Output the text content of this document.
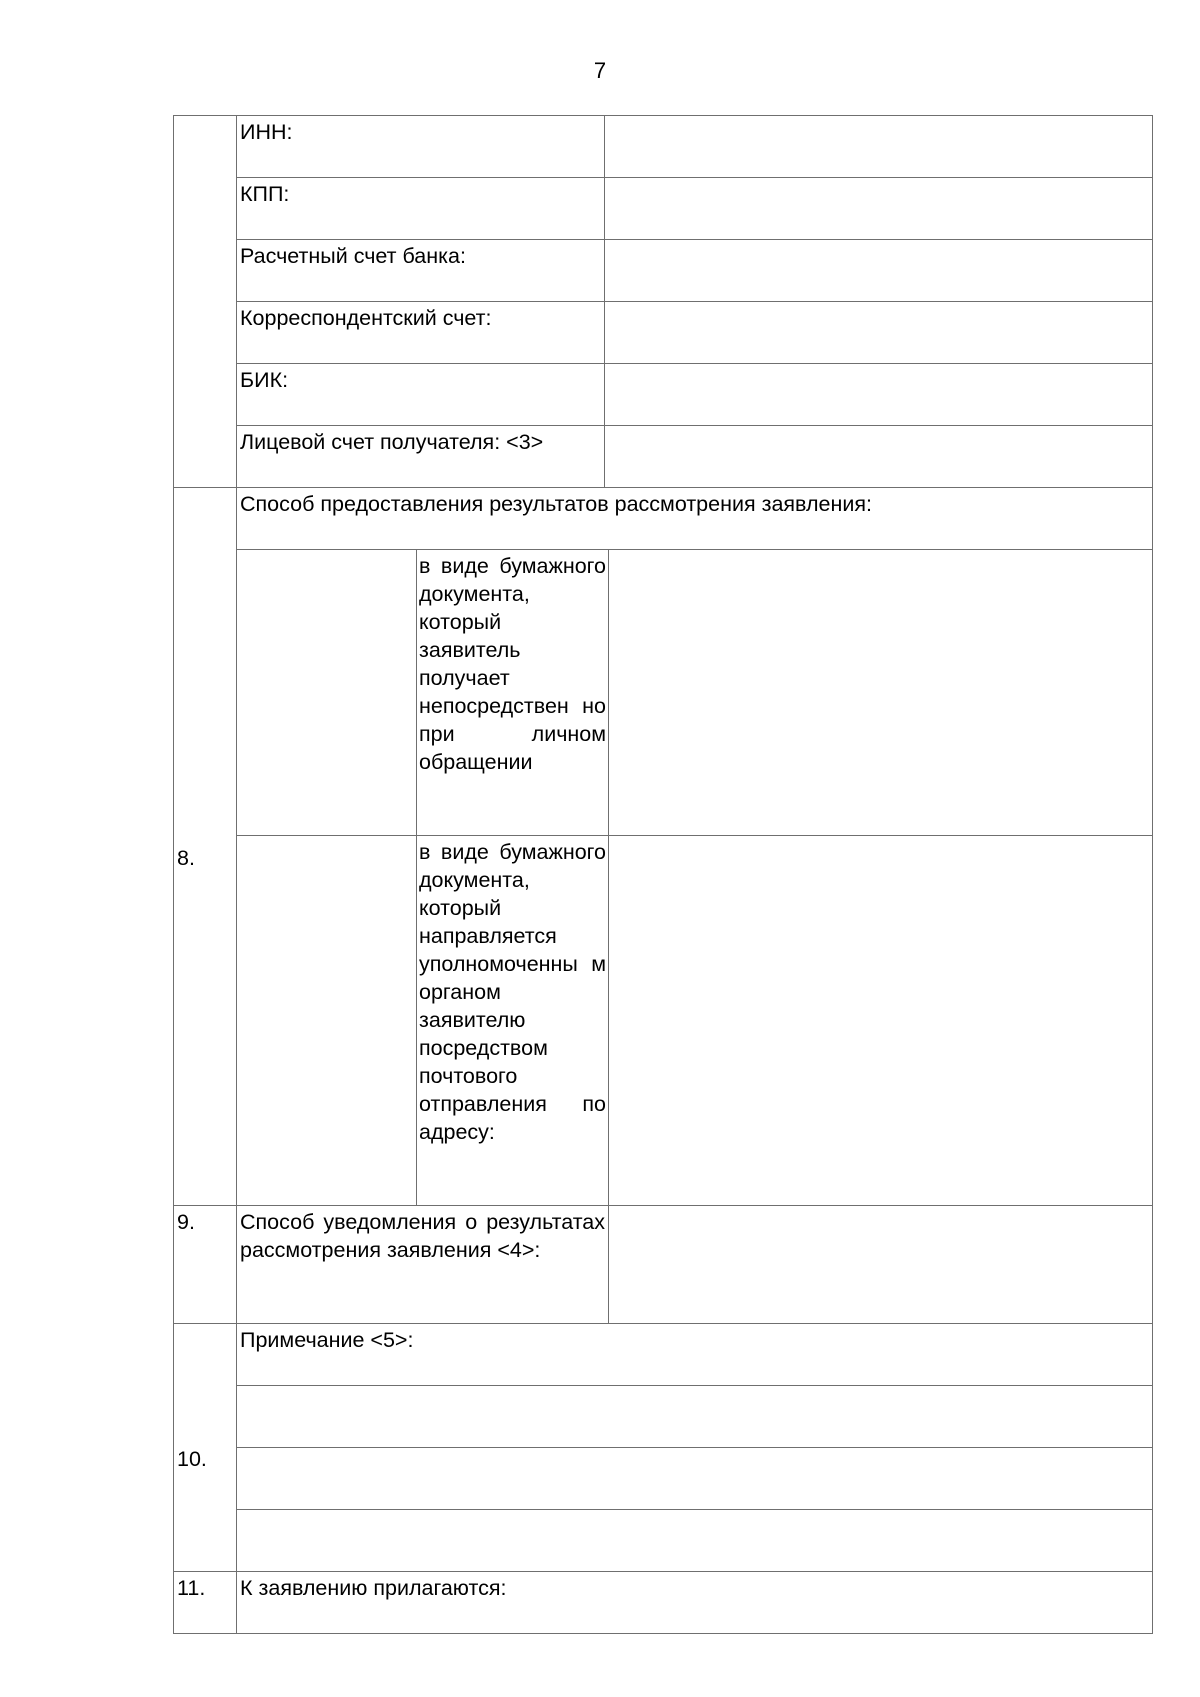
7
	ИНН:			
	КПП:			
	Расчетный счет банка:			
	Корреспондентский счет:			
	БИК:			
	Лицевой счет получателя: <3>			
8.	Способ предоставления результатов рассмотрения заявления:			
		в виде бумажного документа, который заявитель получает непосредствен но при личном обращении		
		в виде бумажного документа, который направляется уполномоченны м органом заявителю посредством почтового отправления по адресу:		
9.	Способ уведомления о результатах рассмотрения заявления <4>:			
10.	Примечание <5>:			

11.	К заявлению прилагаются:			
